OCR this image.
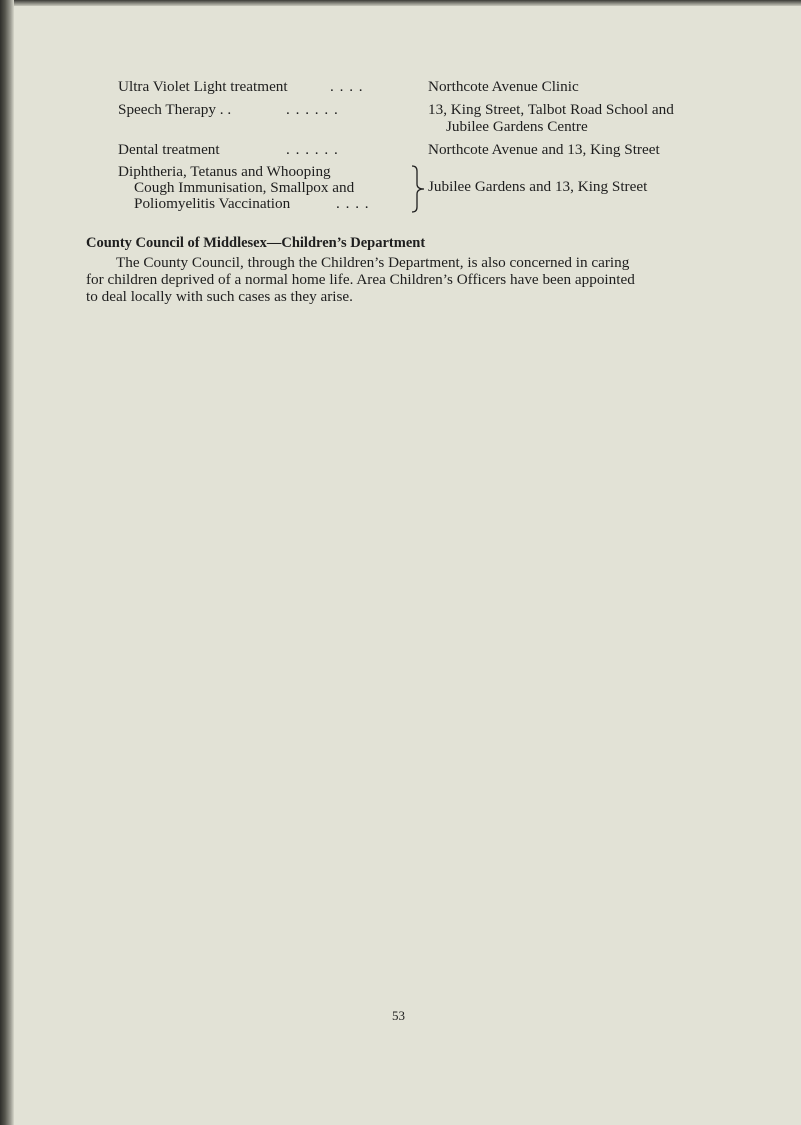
Ultra Violet Light treatment	. . . .	Northcote Avenue Clinic
Speech Therapy . .	. . . . . .	13, King Street, Talbot Road School and
Jubilee Gardens Centre
Dental treatment	. . . . . .	Northcote Avenue and 13, King Street
Diphtheria, Tetanus and Whooping
Cough Immunisation, Smallpox and
Poliomyelitis Vaccination	. . . .
Jubilee Gardens and 13, King Street
County Council of Middlesex—Children’s Department
The County Council, through the Children’s Department, is also concerned in caring
for children deprived of a normal home life. Area Children’s Officers have been appointed
to deal locally with such cases as they arise.
53
